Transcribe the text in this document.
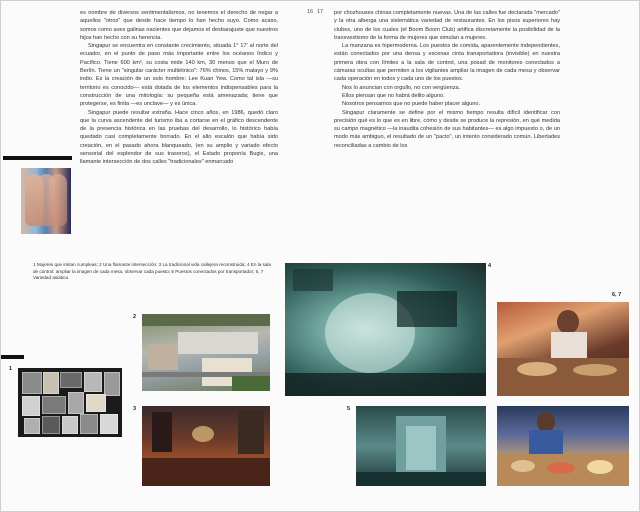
es nombre de diversos sentimentalismos, no tenemos el derecho de negar a aquellos "otros" que desde hace tiempo lo han hecho suyo. Como acaso, somos como aves galinas nacientes que dejamos el desbarajuste que nuestros hijos han hecho con su herencia.

Singapur se encuentra en constante crecimiento, situada 1° 17' al norte del ecuador, en el punto de paso más importante entre los océanos Índico y Pacífico. Tiene 600 km², su costa mide 140 km, 30 menos que el Muro de Berlín. Tiene un "singular carácter multiétnico": 76% chinos, 15% malayo y 9% indio. Es la creación de un solo hombre: Lee Kuan Yew. Como tal isla —su territorio es conocido— está dotada de los elementos indispensables para la construcción de una mitología: su pequeña está amenazada; tiene que protegerse, es finita —es unclave— y es única.

Singapur puede resultar extraña. Hace cinco años, en 1986, quedó claro que la curva ascendente del turismo iba a cortarse en el gráfico descendente de la presencia histórica en las pruebas del desarrollo, lo histórico había quedado casi completamente borrado. En el alto escalón que había sido creación, en el pasado ahora blanqueado, (en su amplio y variado efecto sensorial del esplendor de sus traseros), el Estado proponía Bugis, una llamante intersección de dos calles "tradicionales" enmarcado

16 17 por chozhouses chinas completamente nuevas. Una de las calles fue declarada "mercado" y la otra alberga una sistemática variedad de restaurantes. En los pisos superiores hay clubes, uno de los cuales (el Boom Boom Club) artifica discretamente la posibilidad de la transvestismo de la forma de mujeres que simulan a mujeres.

La manzana es hipermoderna. Los puestos de comida, aparentemente independientes, están conectados por una densa y escenas cinta transportadora (invisible) en nuestra primera obra con límites a la sala de control, una posad de monitores conectados a cámaras ocultas que permiten a los vigilantes ampliar la imagen de cada mesa y observar cada operación en todos y cada uno de los puestos.

Nos lo anuncian con orgullo, no con vergüenza.

Ellos piensan que no habrá delito alguno.

Nosotros pensamos que no puede haber placer alguno.

Singapur claramente se define por el mismo tiempo resulta difícil identificar con precisión qué es lo que es en libre, cómo y desde se produce la represión, en qué medida su campo magnético —la inaudita cohesión de sus habitantes— es algo impuesto o, de un modo más ambiguo, el resultado de un "pacto", un intento considerado común. Libertades reconciliadas a cambio de los

1 Mujeres que imitan cumpleas; 2 Una flamante intersección; 3 La tradicional vida callejera reconstruida; 4 En la sala de control: ampliar la imagen de cada mesa, observar cada puesto; 5 Puestos conectados por transportador; 6, 7 Variedad asiática
1
2
3
4
5
6, 7
